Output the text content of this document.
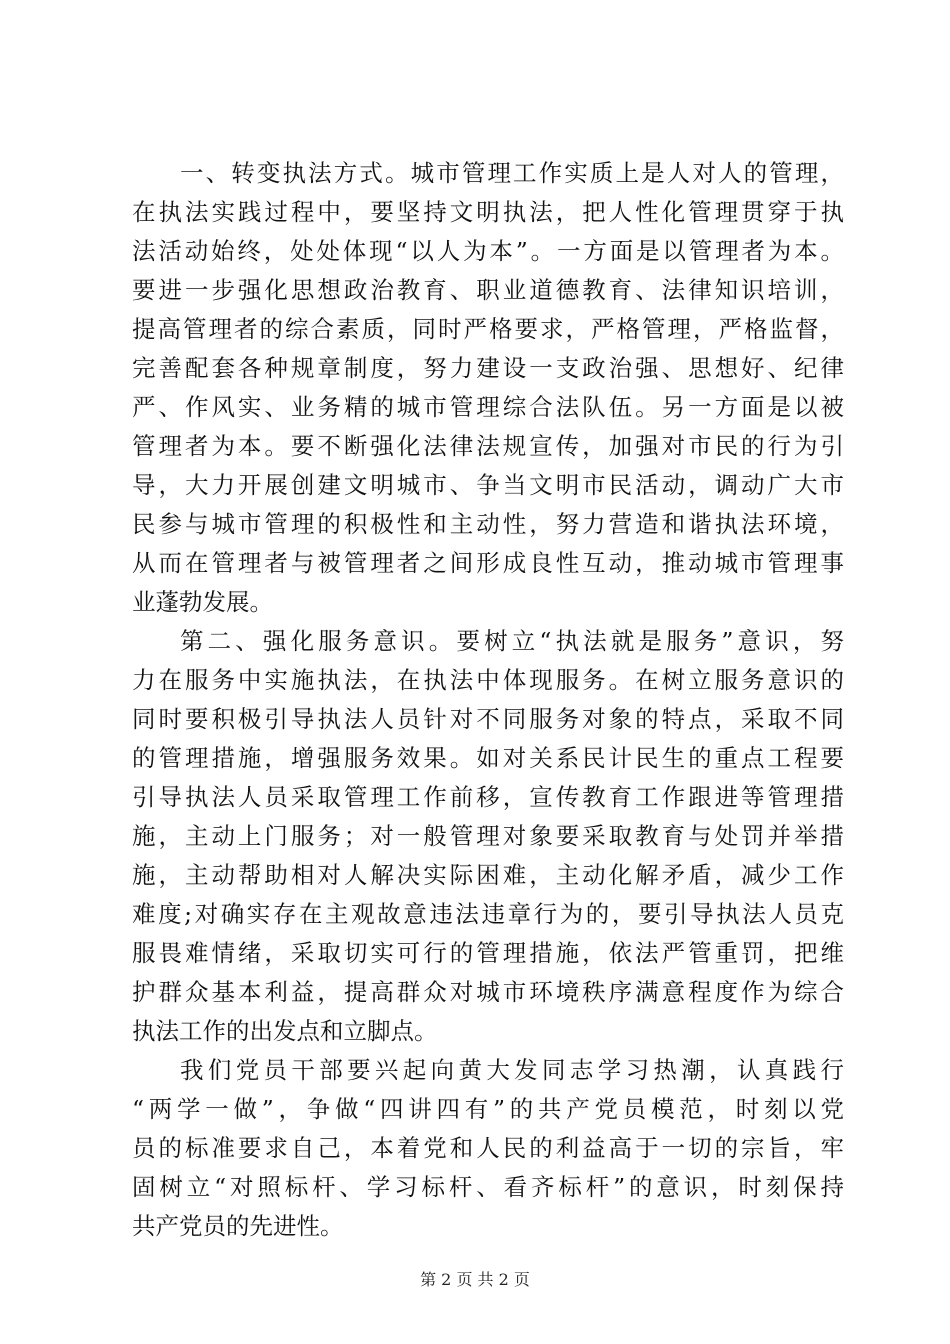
一、转变执法方式。城市管理工作实质上是人对人的管理，
在执法实践过程中，要坚持文明执法，把人性化管理贯穿于执
法活动始终，处处体现“以人为本”。一方面是以管理者为本。
要进一步强化思想政治教育、职业道德教育、法律知识培训，
提高管理者的综合素质，同时严格要求，严格管理，严格监督，
完善配套各种规章制度，努力建设一支政治强、思想好、纪律
严、作风实、业务精的城市管理综合法队伍。另一方面是以被
管理者为本。要不断强化法律法规宣传，加强对市民的行为引
导，大力开展创建文明城市、争当文明市民活动，调动广大市
民参与城市管理的积极性和主动性，努力营造和谐执法环境，
从而在管理者与被管理者之间形成良性互动，推动城市管理事
业蓬勃发展。
第二、强化服务意识。要树立“执法就是服务”意识，努
力在服务中实施执法，在执法中体现服务。在树立服务意识的
同时要积极引导执法人员针对不同服务对象的特点，采取不同
的管理措施，增强服务效果。如对关系民计民生的重点工程要
引导执法人员采取管理工作前移，宣传教育工作跟进等管理措
施，主动上门服务；对一般管理对象要采取教育与处罚并举措
施，主动帮助相对人解决实际困难，主动化解矛盾，减少工作
难度;对确实存在主观故意违法违章行为的，要引导执法人员克
服畏难情绪，采取切实可行的管理措施，依法严管重罚，把维
护群众基本利益，提高群众对城市环境秩序满意程度作为综合
执法工作的出发点和立脚点。
我们党员干部要兴起向黄大发同志学习热潮，认真践行
“两学一做”，争做“四讲四有”的共产党员模范，时刻以党
员的标准要求自己，本着党和人民的利益高于一切的宗旨，牢
固树立“对照标杆、学习标杆、看齐标杆”的意识，时刻保持
共产党员的先进性。
第 2 页 共 2 页
